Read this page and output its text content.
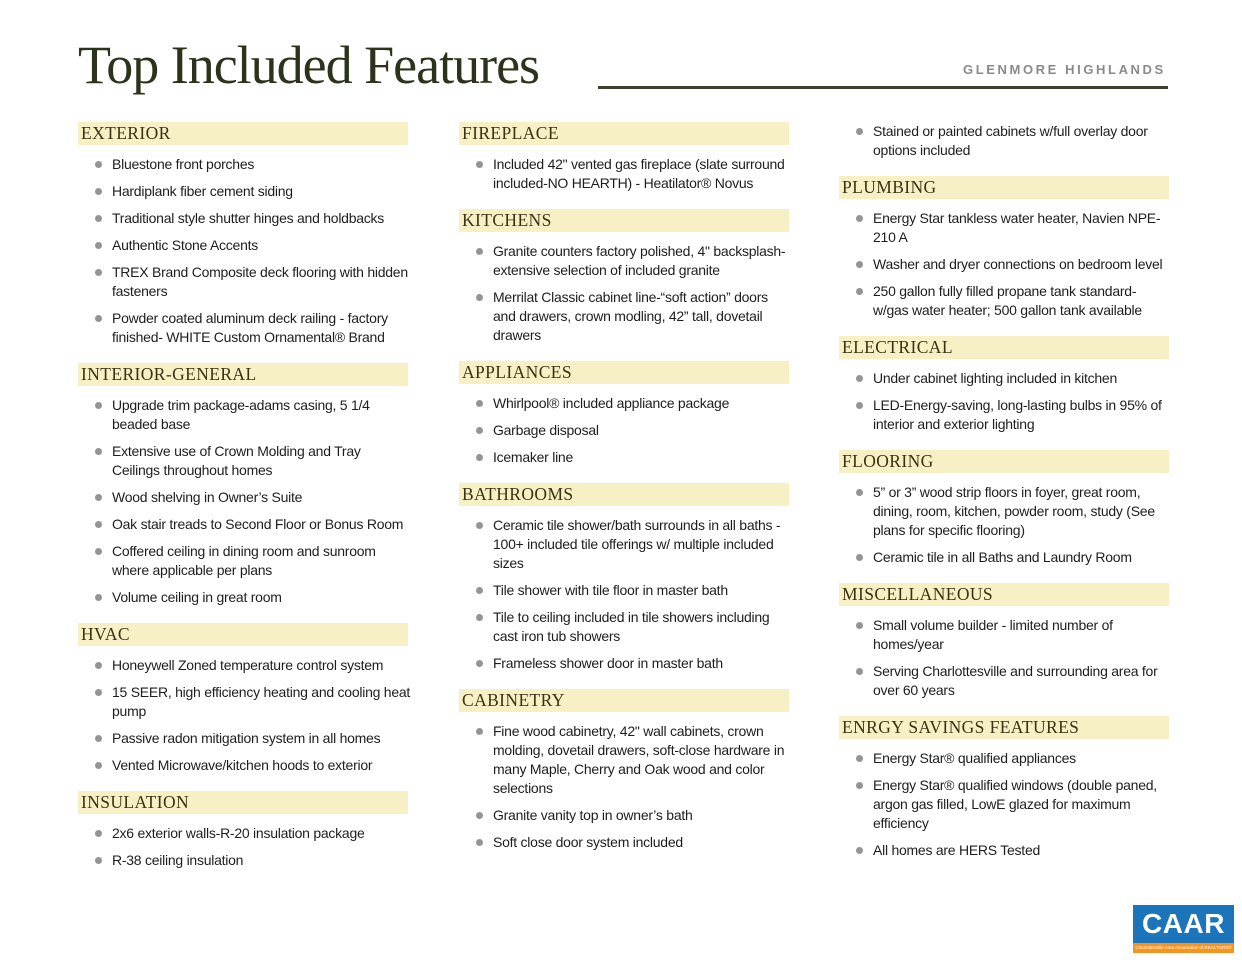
Top Included Features	GLENMORE HIGHLANDS
EXTERIOR
Bluestone front porches
Hardiplank fiber cement siding
Traditional style shutter hinges and holdbacks
Authentic Stone Accents
TREX Brand Composite deck flooring with hidden fasteners
Powder coated aluminum deck railing - factory finished- WHITE Custom Ornamental® Brand
INTERIOR-GENERAL
Upgrade trim package-adams casing, 5 1/4 beaded base
Extensive use of Crown Molding and Tray Ceilings throughout homes
Wood shelving in Owner’s Suite
Oak stair treads to Second Floor or Bonus Room
Coffered ceiling in dining room and sunroom where applicable per plans
Volume ceiling in great room
HVAC
Honeywell Zoned temperature control system
15 SEER, high efficiency heating and cooling heat pump
Passive radon mitigation system in all homes
Vented Microwave/kitchen hoods to exterior
INSULATION
2x6 exterior walls-R-20 insulation package
R-38 ceiling insulation
FIREPLACE
Included 42" vented gas fireplace (slate surround included-NO HEARTH) - Heatilator® Novus
KITCHENS
Granite counters factory polished, 4" backsplash-extensive selection of included granite
Merrilat Classic cabinet line-“soft action” doors and drawers, crown modling, 42” tall, dovetail drawers
APPLIANCES
Whirlpool® included appliance package
Garbage disposal
Icemaker line
BATHROOMS
Ceramic tile shower/bath surrounds in all baths - 100+ included tile offerings w/ multiple included sizes
Tile shower with tile floor in master bath
Tile to ceiling included in tile showers including cast iron tub showers
Frameless shower door in master bath
CABINETRY
Fine wood cabinetry, 42" wall cabinets, crown molding, dovetail drawers, soft-close hardware in many Maple, Cherry and Oak wood and color selections
Granite vanity top in owner’s bath
Soft close door system included
Stained or painted cabinets w/full overlay door options included
PLUMBING
Energy Star tankless water heater, Navien NPE-210 A
Washer and dryer connections on bedroom level
250 gallon fully filled propane tank standard- w/gas water heater; 500 gallon tank available
ELECTRICAL
Under cabinet lighting included in kitchen
LED-Energy-saving, long-lasting bulbs in 95% of interior and exterior lighting
FLOORING
5” or 3” wood strip floors in foyer, great room, dining, room, kitchen, powder room, study (See plans for specific flooring)
Ceramic tile in all Baths and Laundry Room
MISCELLANEOUS
Small volume builder - limited number of homes/year
Serving Charlottesville and surrounding area for over 60 years
ENRGY SAVINGS FEATURES
Energy Star® qualified appliances
Energy Star® qualified windows (double paned, argon gas filled, LowE glazed for maximum efficiency
All homes are HERS Tested
CAAR
Charlottesville Area Association of REALTORS®
